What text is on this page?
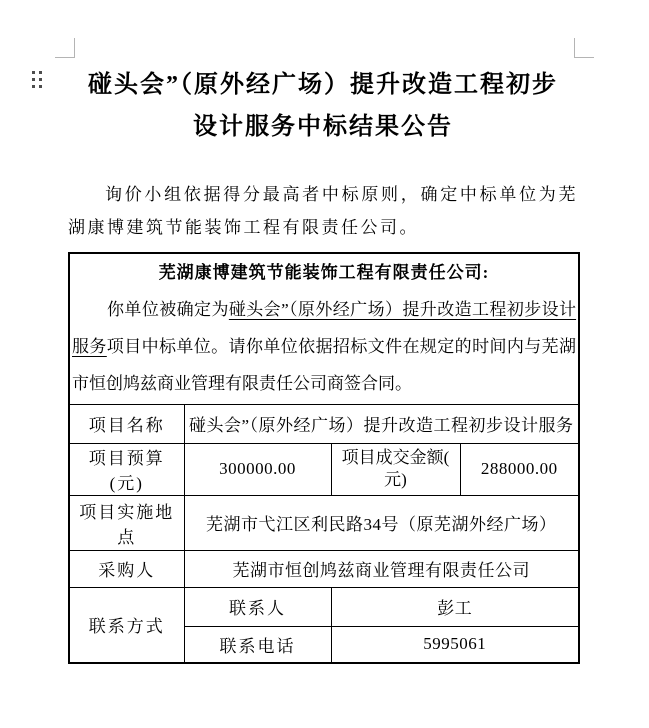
碰头会”（原外经广场）提升改造工程初步
设计服务中标结果公告

询价小组依据得分最高者中标原则，确定中标单位为芜湖康博建筑节能装饰工程有限责任公司。

芜湖康博建筑节能装饰工程有限责任公司:

你单位被确定为碰头会”（原外经广场）提升改造工程初步设计服务项目中标单位。请你单位依据招标文件在规定的时间内与芜湖市恒创鸠兹商业管理有限责任公司商签合同。			

项目名称	碰头会”（原外经广场）提升改造工程初步设计服务		
项目预算(元)	300000.00	项目成交金额(元)	288000.00
项目实施地点	芜湖市弋江区利民路34号（原芜湖外经广场）		
采购人	芜湖市恒创鸠兹商业管理有限责任公司		
联系方式	联系人	彭工	
	联系电话	5995061	
